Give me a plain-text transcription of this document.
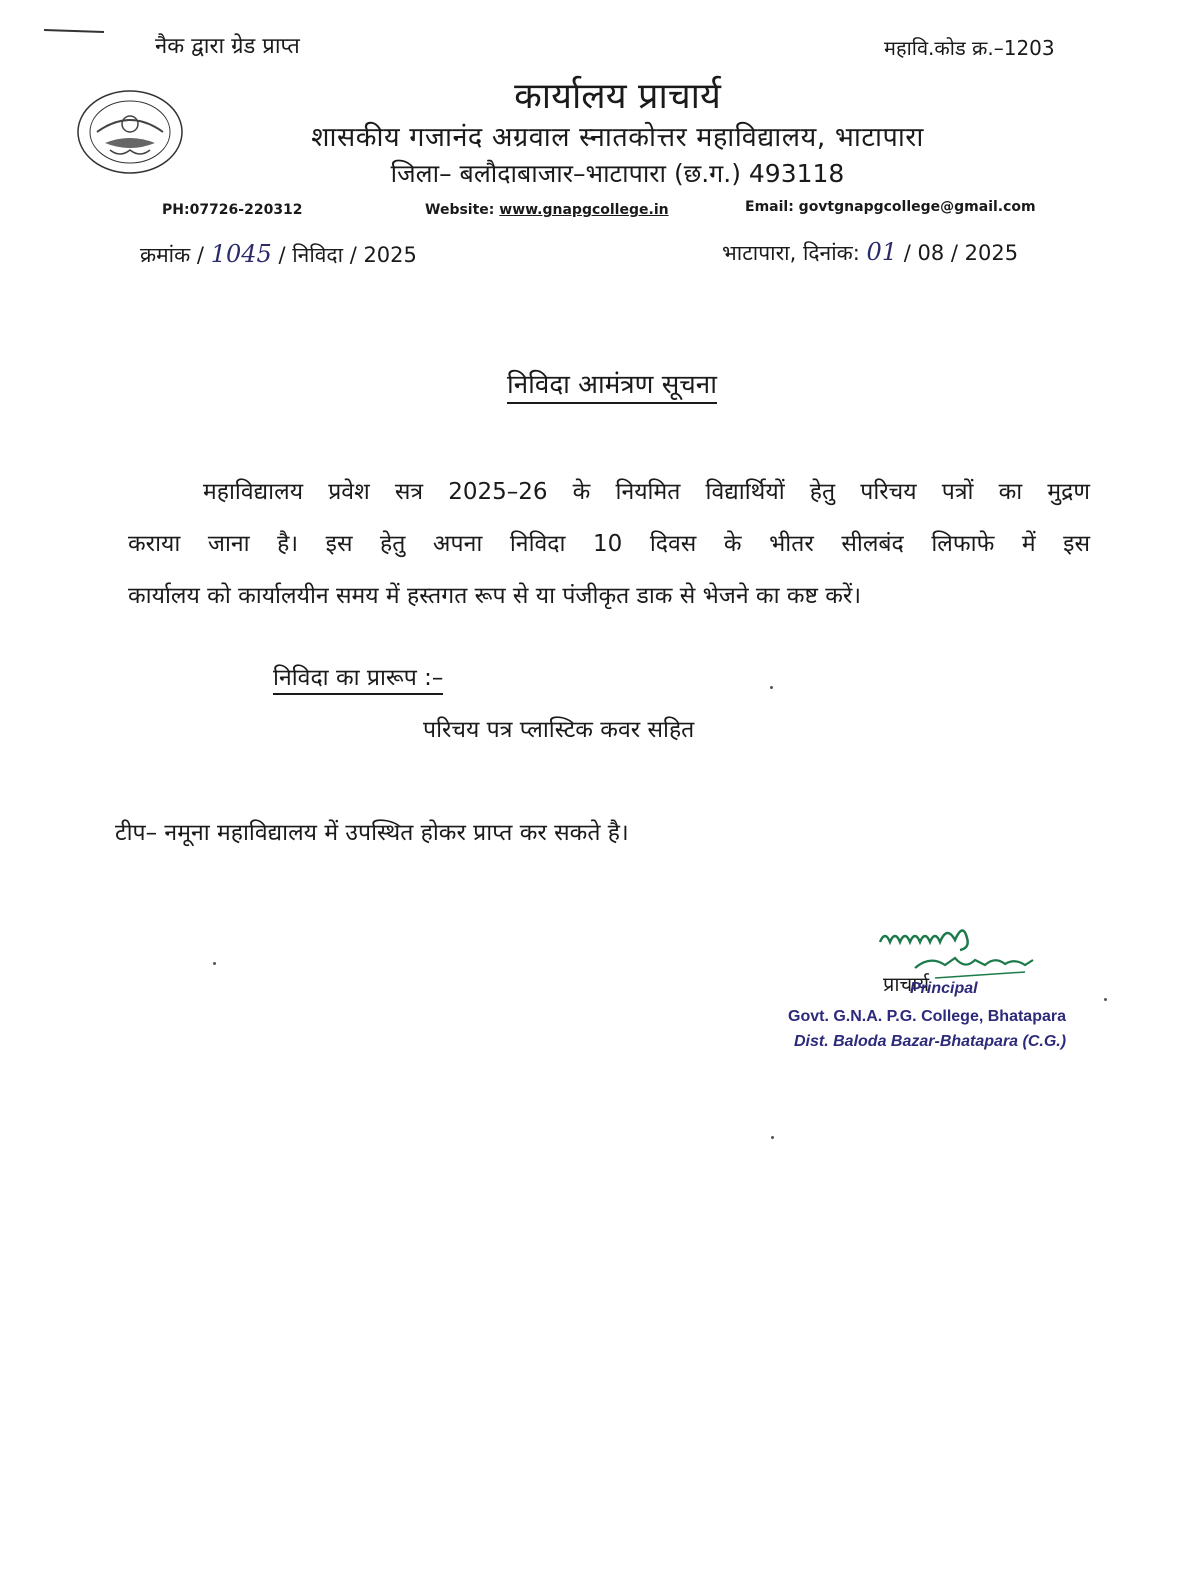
नैक द्वारा ग्रेड प्राप्त	महावि.कोड क्र.–1203
कार्यालय प्राचार्य
शासकीय गजानंद अग्रवाल स्नातकोत्तर महाविद्यालय, भाटापारा
जिला– बलौदाबाजार–भाटापारा (छ.ग.) 493118
PH:07726-220312	Website: www.gnapgcollege.in	Email: govtgnapgcollege@gmail.com
क्रमांक / 1045 / निविदा / 2025	भाटापारा, दिनांक: 01 / 08 / 2025
निविदा आमंत्रण सूचना
महाविद्यालय प्रवेश सत्र 2025–26 के नियमित विद्यार्थियों हेतु परिचय पत्रों का मुद्रण
कराया जाना है। इस हेतु अपना निविदा 10 दिवस के भीतर सीलबंद लिफाफे में इस
कार्यालय को कार्यालयीन समय में हस्तगत रूप से या पंजीकृत डाक से भेजने का कष्ट करें।
निविदा का प्रारूप :–
परिचय पत्र प्लास्टिक कवर सहित
टीप– नमूना महाविद्यालय में उपस्थित होकर प्राप्त कर सकते है।
प्राचार्य
Principal
Govt. G.N.A. P.G. College, Bhatapara
Dist. Baloda Bazar-Bhatapara (C.G.)
